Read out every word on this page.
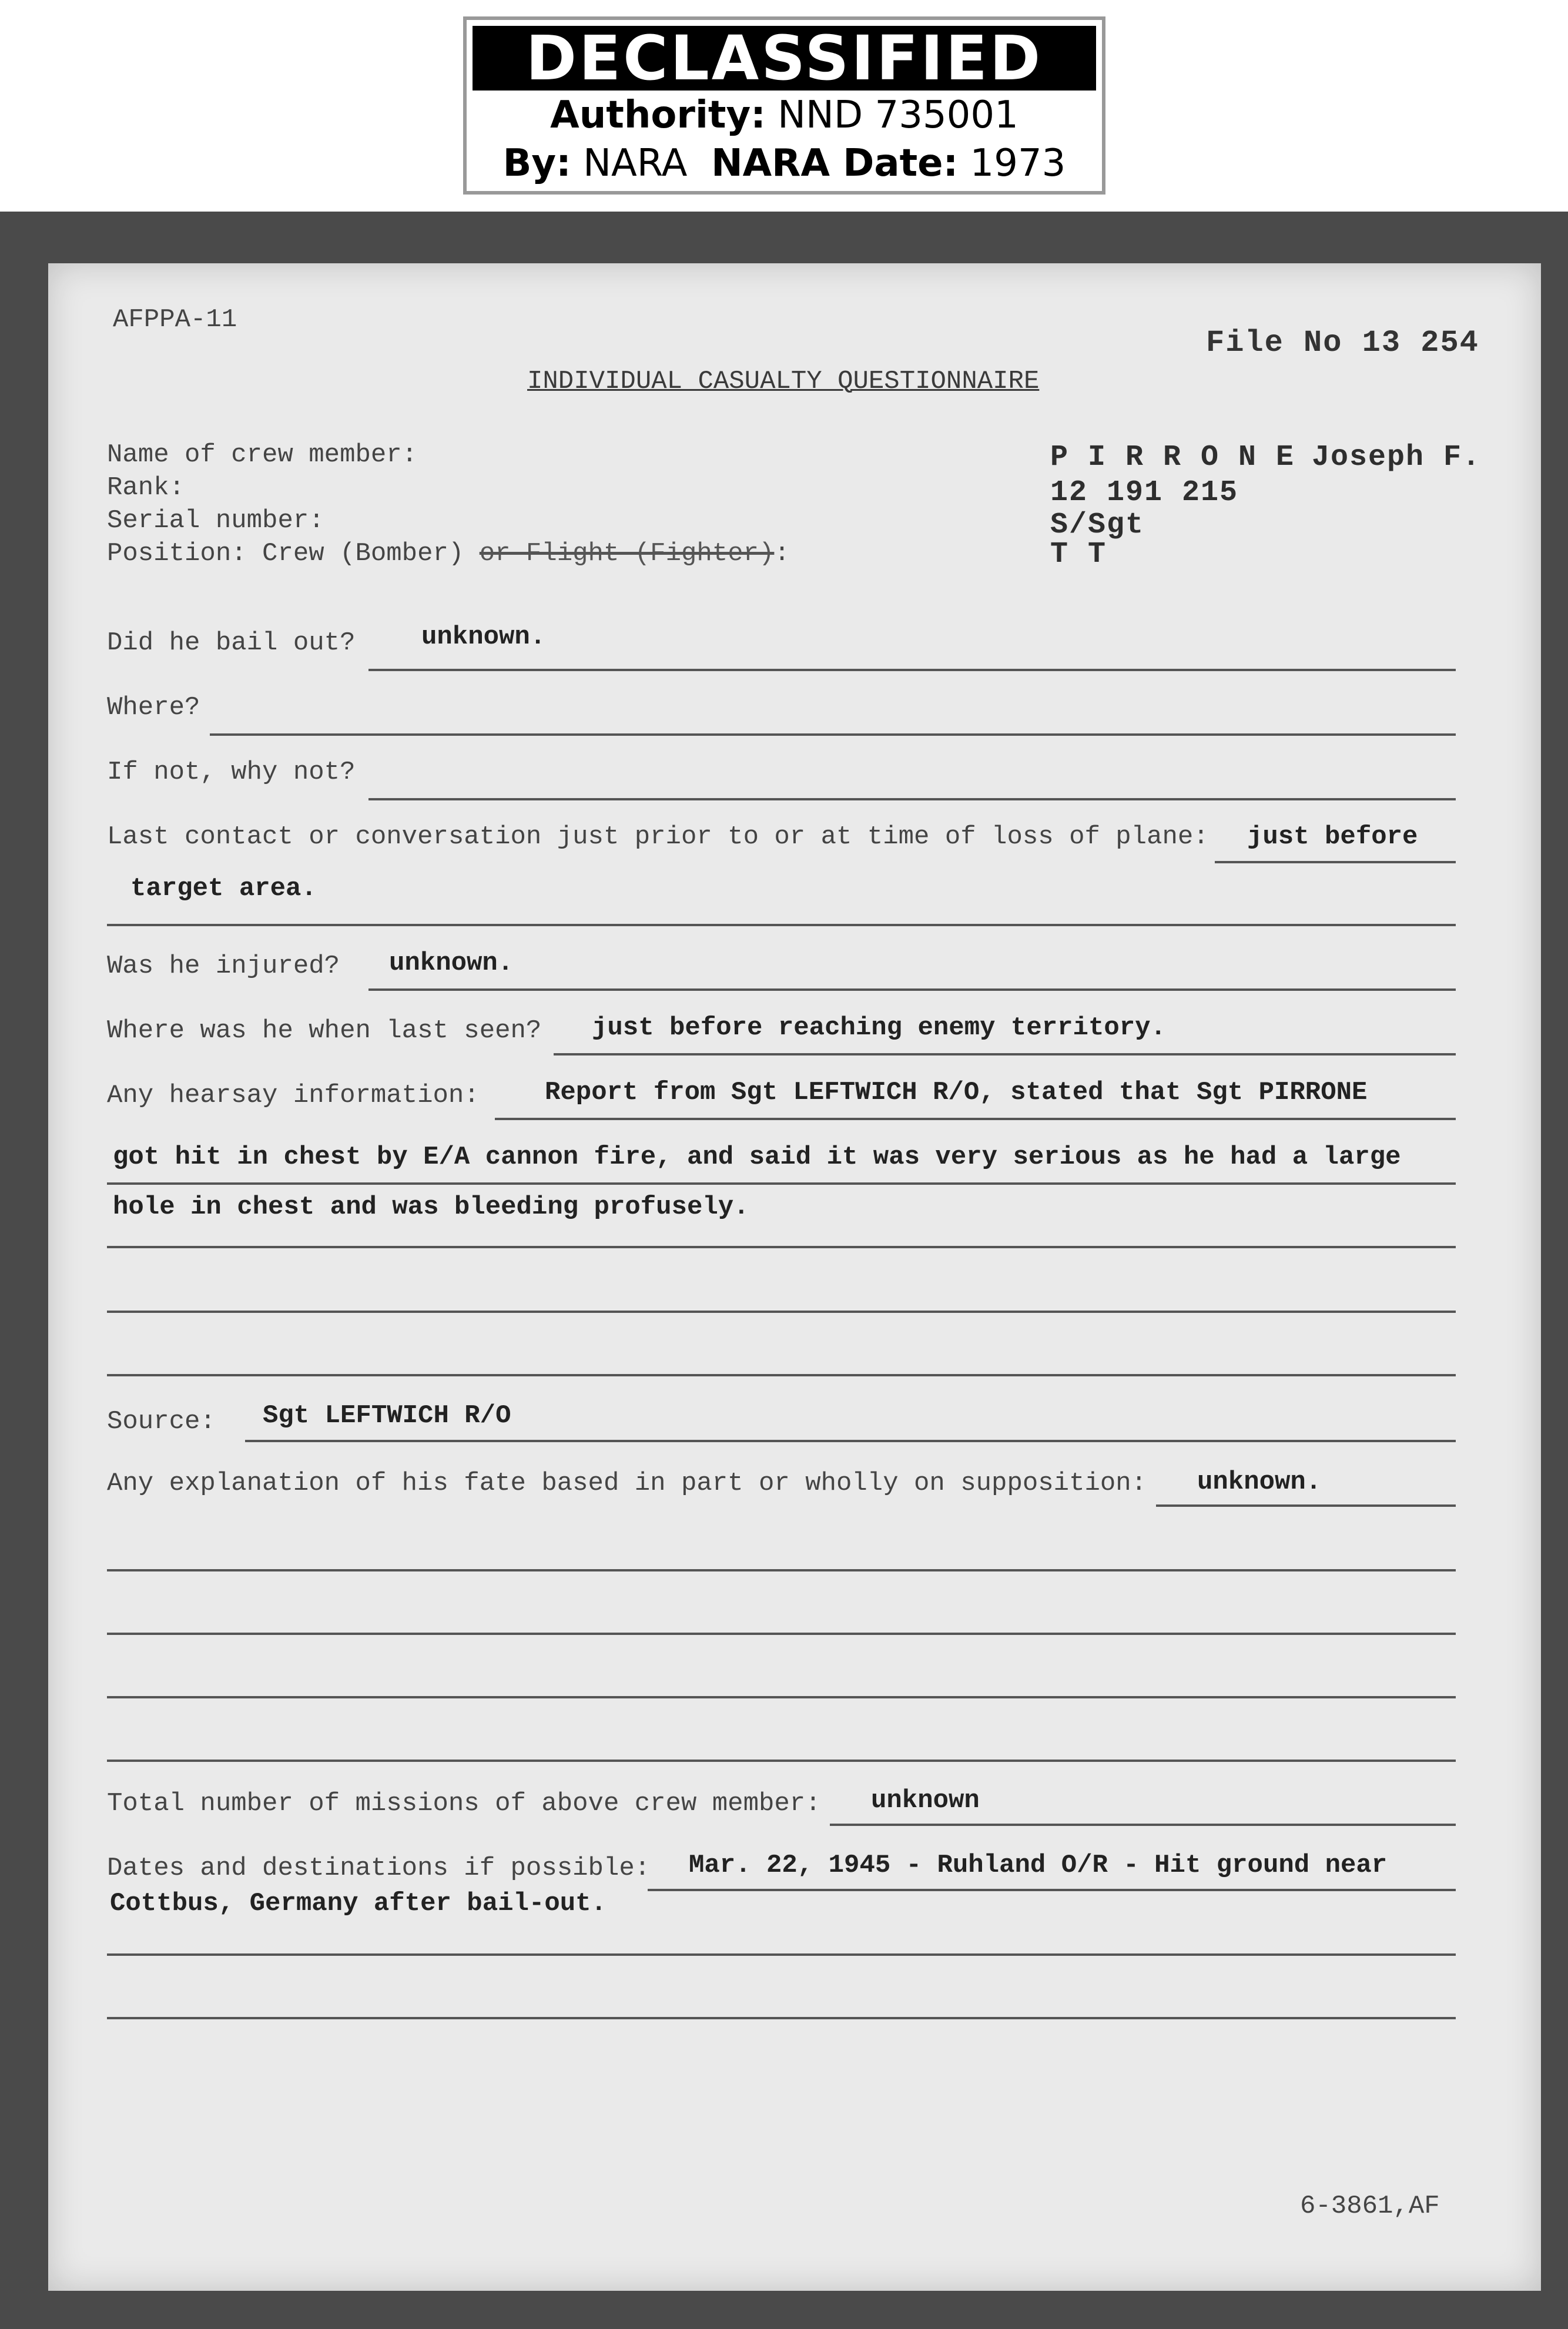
DECLASSIFIED
Authority: NND 735001
By: NARA NARA Date: 1973
AFPPA-11
File No 13 254
INDIVIDUAL CASUALTY QUESTIONNAIRE
Name of crew member:
Rank:
Serial number:
Position: Crew (Bomber) or Flight (Fighter):
P I R R O N E Joseph F.
12 191 215
S/Sgt
T T
Did he bail out?	unknown.
Where?
If not, why not?
Last contact or conversation just prior to or at time of loss of plane: just before
target area.
Was he injured? unknown.
Where was he when last seen? just before reaching enemy territory.
Any hearsay information:	Report from Sgt LEFTWICH R/O, stated that Sgt PIRRONE
got hit in chest by E/A cannon fire, and said it was very serious as he had a large
hole in chest and was bleeding profusely.
Source: Sgt LEFTWICH R/O
Any explanation of his fate based in part or wholly on supposition: unknown.
Total number of missions of above crew member: unknown
Dates and destinations if possible: Mar. 22, 1945 - Ruhland O/R - Hit ground near
Cottbus, Germany after bail-out.
6-3861,AF
